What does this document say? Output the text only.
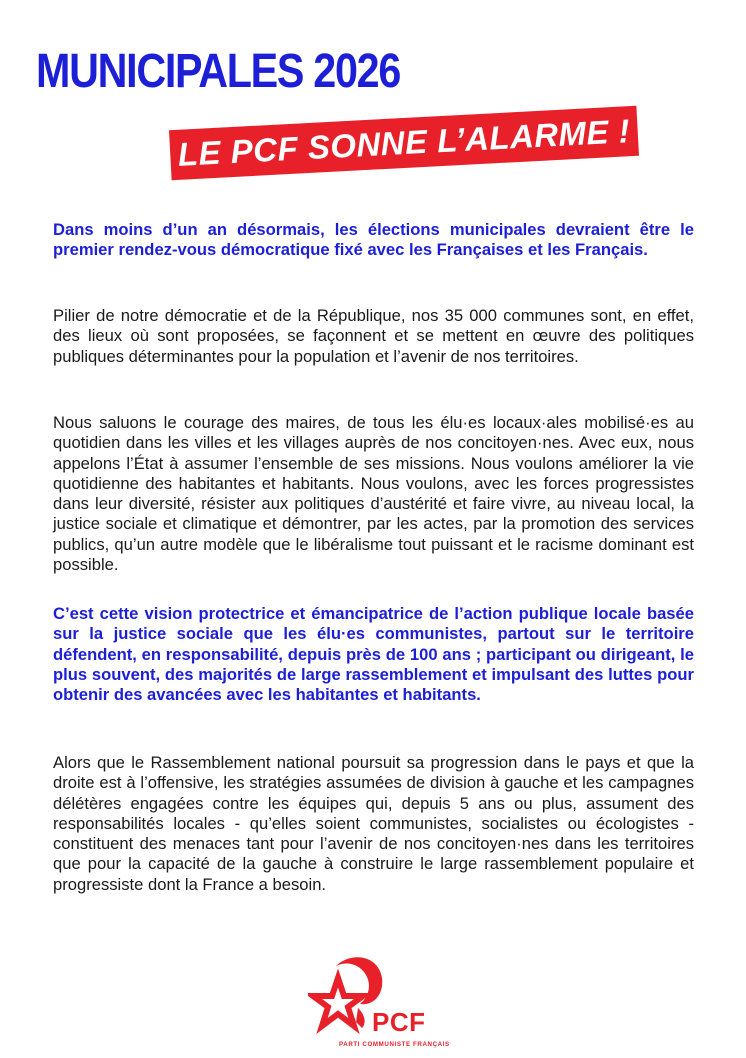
MUNICIPALES 2026
LE PCF SONNE L’ALARME !

Dans moins d’un an désormais, les élections municipales devraient être le premier rendez-vous démocratique fixé avec les Françaises et les Français.

Pilier de notre démocratie et de la République, nos 35 000 communes sont, en effet, des lieux où sont proposées, se façonnent et se mettent en œuvre des politiques publiques déterminantes pour la population et l’avenir de nos territoires.

Nous saluons le courage des maires, de tous les élu·es locaux·ales mobilisé·es au quotidien dans les villes et les villages auprès de nos concitoyen·nes. Avec eux, nous appelons l’État à assumer l’ensemble de ses missions. Nous voulons améliorer la vie quotidienne des habitantes et habitants. Nous voulons, avec les forces progressistes dans leur diversité, résister aux politiques d’austérité et faire vivre, au niveau local, la justice sociale et climatique et démontrer, par les actes, par la promotion des services publics, qu’un autre modèle que le libéralisme tout puissant et le racisme dominant est possible.

C’est cette vision protectrice et émancipatrice de l’action publique locale basée sur la justice sociale que les élu·es communistes, partout sur le territoire défendent, en responsabilité, depuis près de 100 ans ; participant ou dirigeant, le plus souvent, des majorités de large rassemblement et impulsant des luttes pour obtenir des avancées avec les habitantes et habitants.

Alors que le Rassemblement national poursuit sa progression dans le pays et que la droite est à l’offensive, les stratégies assumées de division à gauche et les campagnes délétères engagées contre les équipes qui, depuis 5 ans ou plus, assument des responsabilités locales - qu’elles soient communistes, socialistes ou écologistes - constituent des menaces tant pour l’avenir de nos concitoyen·nes dans les territoires que pour la capacité de la gauche à construire le large rassemblement populaire et progressiste dont la France a besoin.

PCF
PARTI COMMUNISTE FRANÇAIS
